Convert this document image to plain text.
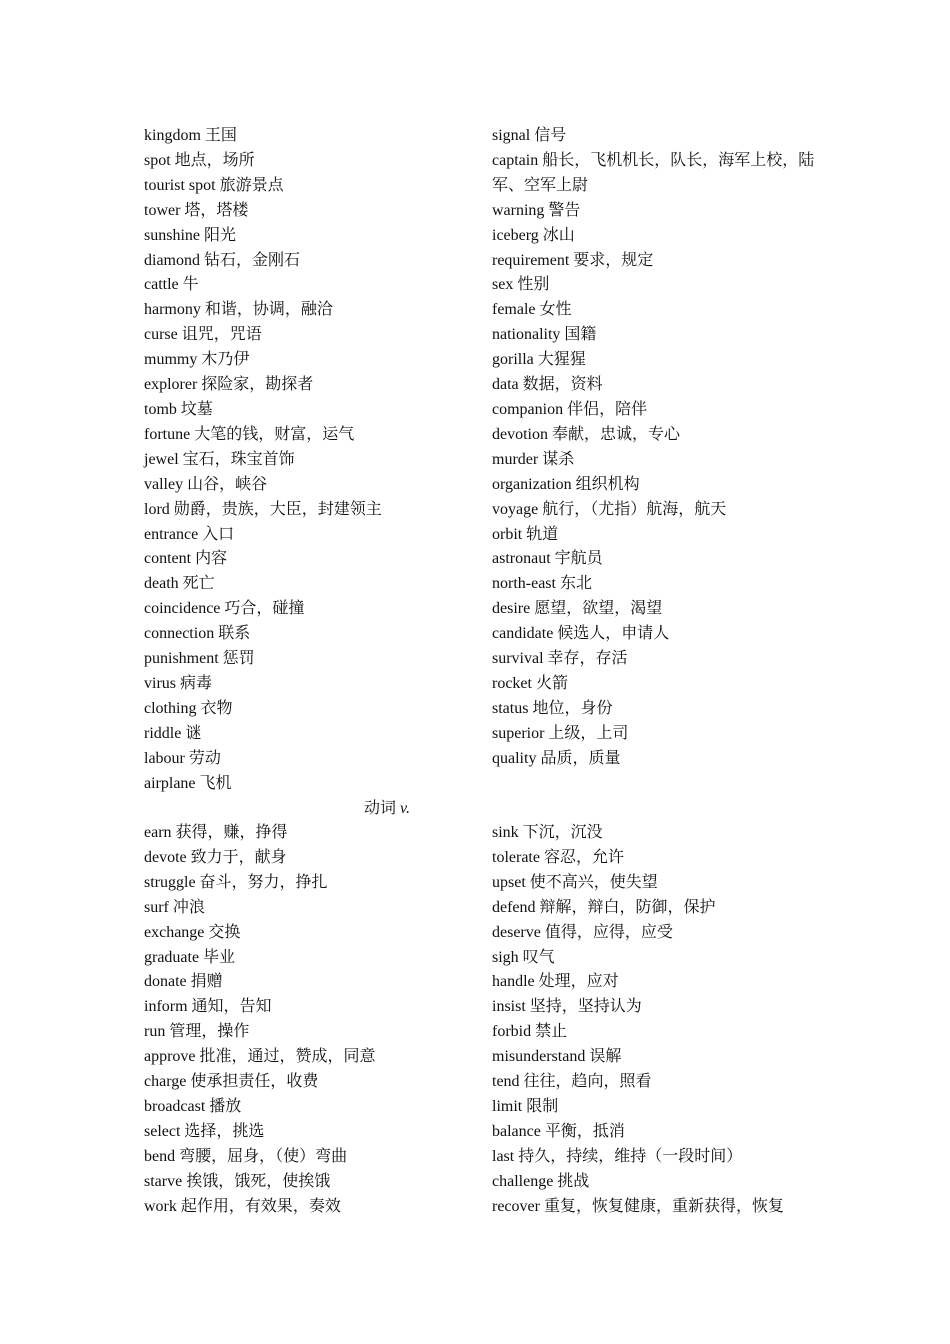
kingdom 王国
spot 地点，场所
tourist spot 旅游景点
tower 塔，塔楼
sunshine 阳光
diamond 钻石，金刚石
cattle 牛
harmony 和谐，协调，融洽
curse 诅咒，咒语
mummy 木乃伊
explorer 探险家，勘探者
tomb 坟墓
fortune 大笔的钱，财富，运气
jewel 宝石，珠宝首饰
valley 山谷，峡谷
lord 勋爵，贵族，大臣，封建领主
entrance 入口
content 内容
death 死亡
coincidence 巧合，碰撞
connection 联系
punishment 惩罚
virus 病毒
clothing 衣物
riddle 谜
labour 劳动
airplane 飞机
signal 信号
captain 船长，飞机机长，队长，海军上校，陆军、空军上尉
warning 警告
iceberg 冰山
requirement 要求，规定
sex 性别
female 女性
nationality 国籍
gorilla 大猩猩
data 数据，资料
companion 伴侣，陪伴
devotion 奉献，忠诚，专心
murder 谋杀
organization 组织机构
voyage 航行，（尤指）航海，航天
orbit 轨道
astronaut 宇航员
north-east 东北
desire 愿望，欲望，渴望
candidate 候选人，申请人
survival 幸存，存活
rocket 火箭
status 地位，身份
superior 上级，上司
quality 品质，质量
动词 v.
earn 获得，赚，挣得
devote 致力于，献身
struggle 奋斗，努力，挣扎
surf 冲浪
exchange 交换
graduate 毕业
donate 捐赠
inform 通知，告知
run 管理，操作
approve 批准，通过，赞成，同意
charge 使承担责任，收费
broadcast 播放
select 选择，挑选
bend 弯腰，屈身，（使）弯曲
starve 挨饿，饿死，使挨饿
work 起作用，有效果，奏效
sink 下沉，沉没
tolerate 容忍，允许
upset 使不高兴，使失望
defend 辩解，辩白，防御，保护
deserve 值得，应得，应受
sigh 叹气
handle 处理，应对
insist 坚持，坚持认为
forbid 禁止
misunderstand 误解
tend 往往，趋向，照看
limit 限制
balance 平衡，抵消
last 持久，持续，维持（一段时间）
challenge 挑战
recover 重复，恢复健康，重新获得，恢复
